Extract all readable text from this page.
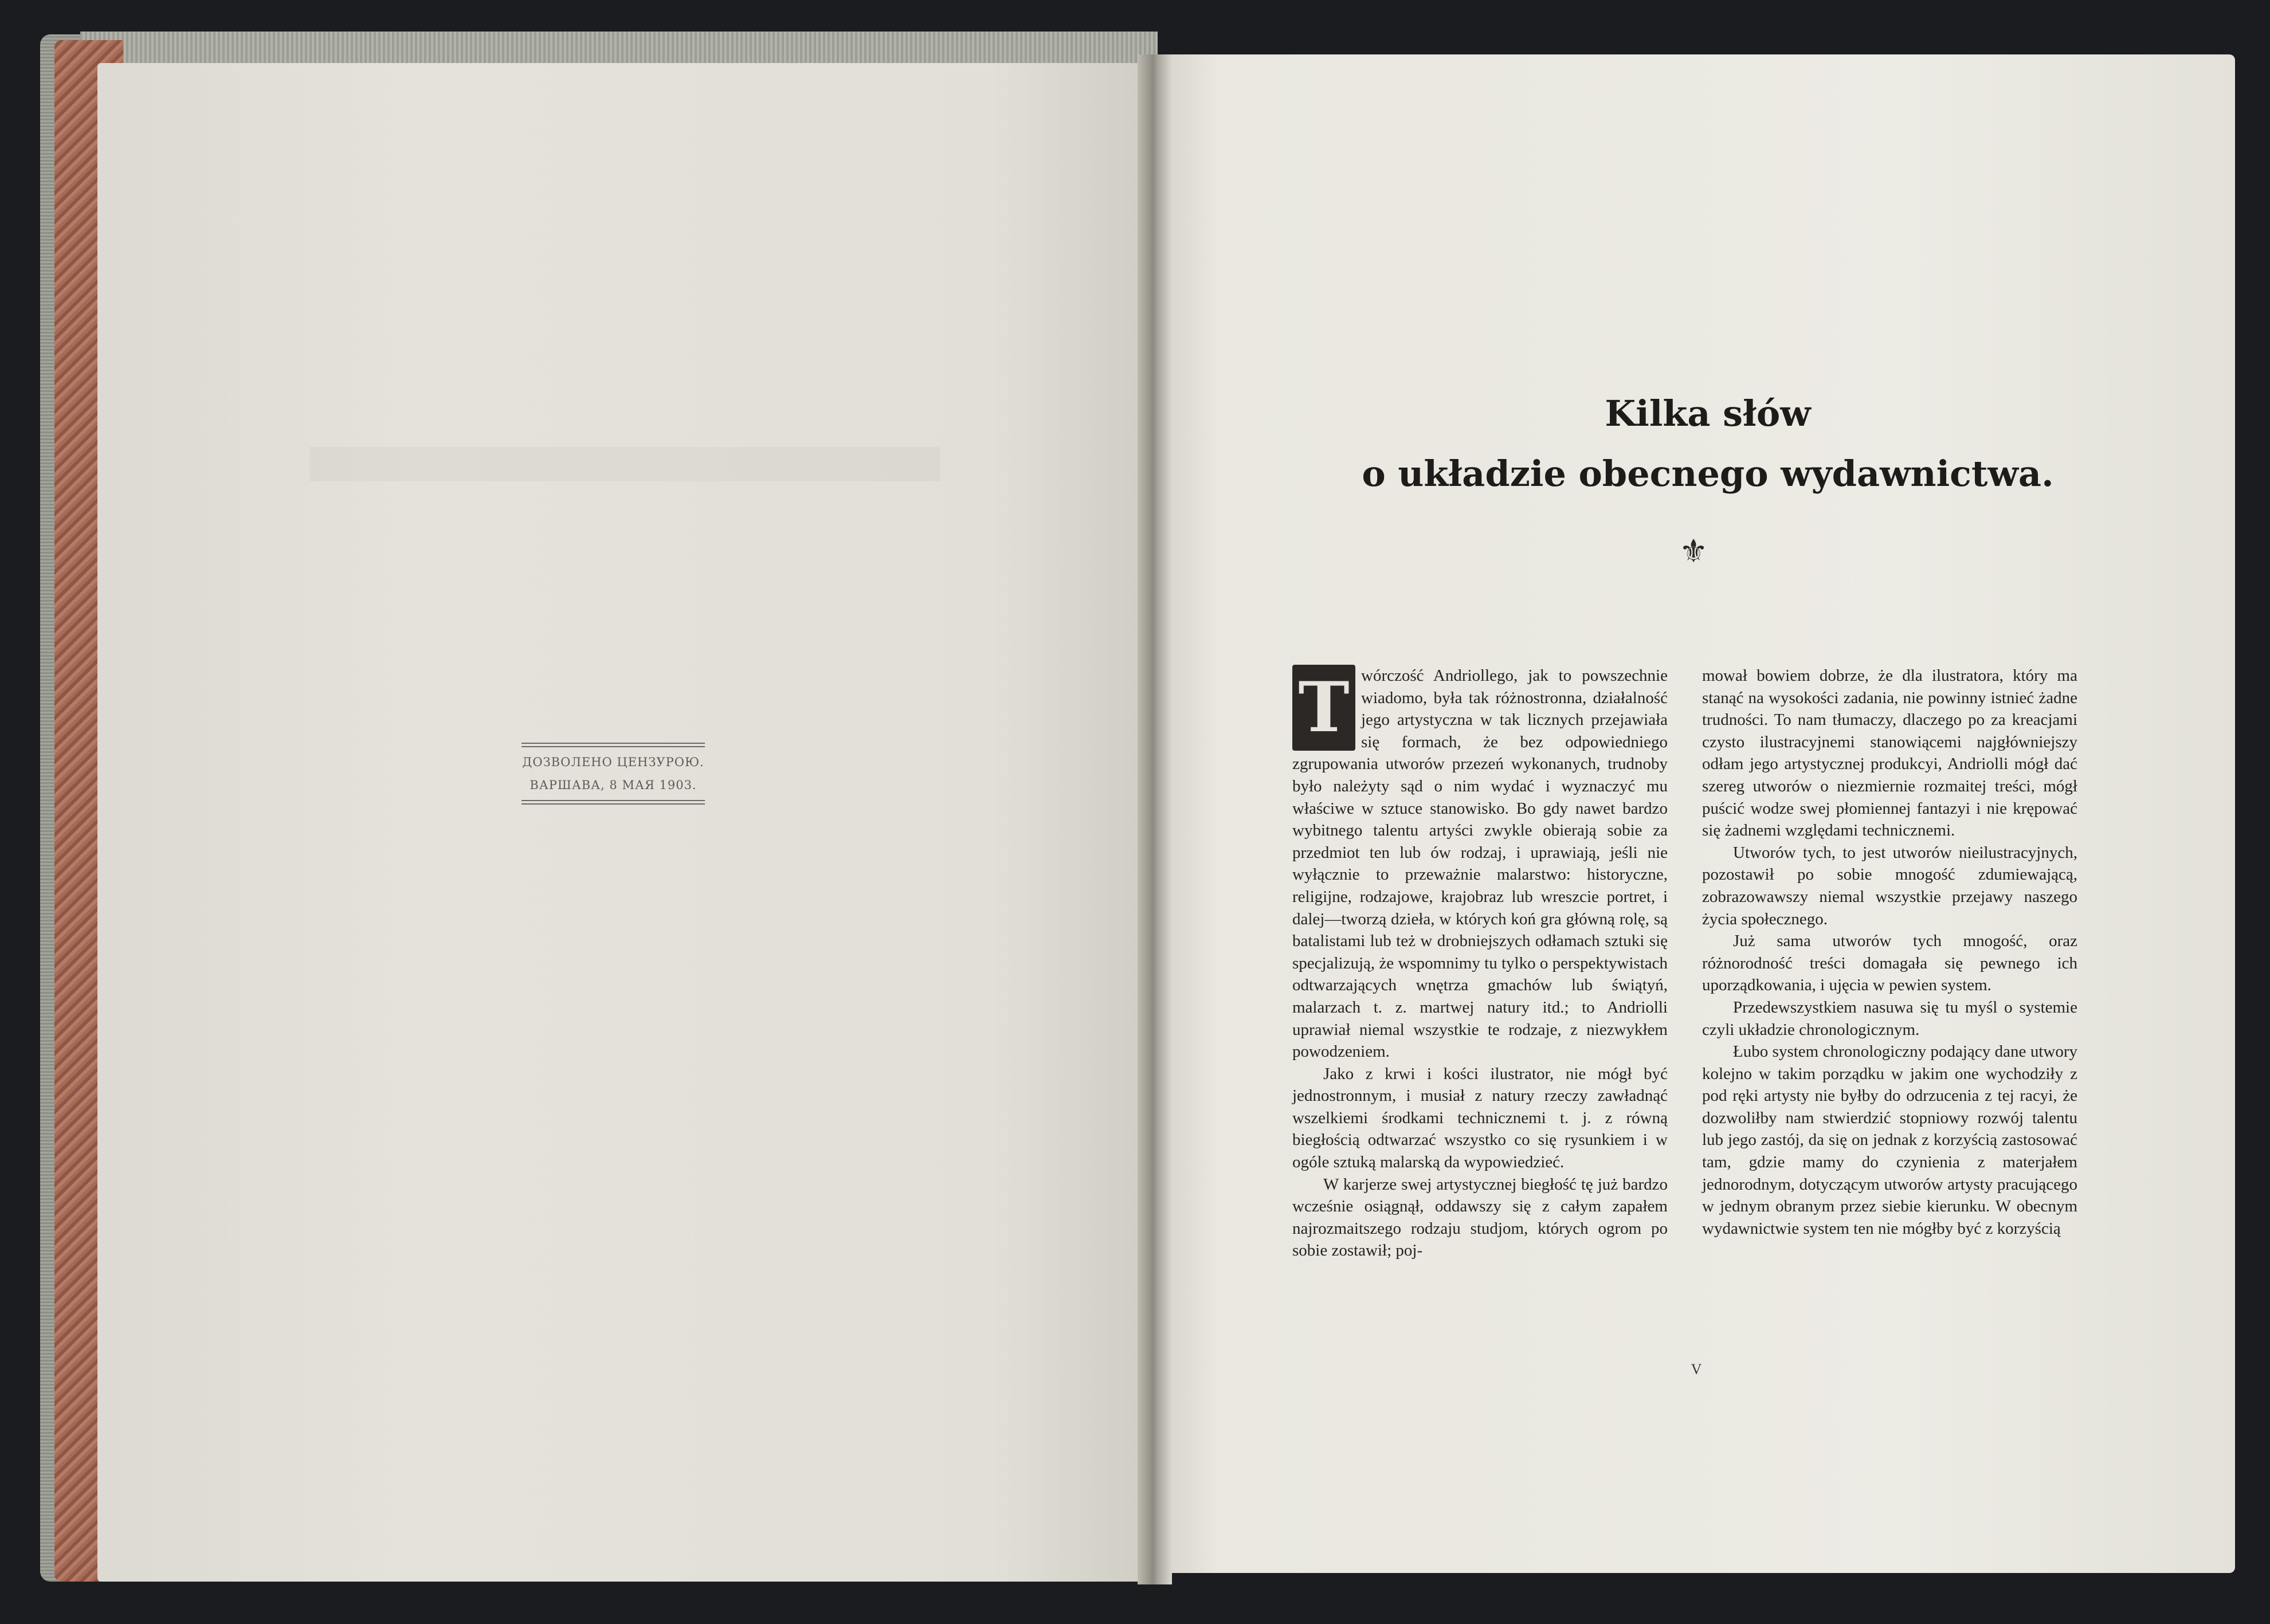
ДОЗВОЛЕНО ЦЕНЗУРОЮ.
ВАРШАВА, 8 МАЯ 1903.
Kilka słów
o układzie obecnego wydawnictwa.
⚜

T wórczość Andriollego, jak to powszechnie wiadomo, była tak różnostronna, działalność jego artystyczna w tak licznych przejawiała się formach, że bez odpowiedniego zgrupowania utworów przezeń wykonanych, trudnoby było należyty sąd o nim wydać i wyznaczyć mu właściwe w sztuce stanowisko. Bo gdy nawet bardzo wybitnego talentu artyści zwykle obierają sobie za przedmiot ten lub ów rodzaj, i uprawiają, jeśli nie wyłącznie to przeważnie malarstwo: historyczne, religijne, rodzajowe, krajobraz lub wreszcie portret, i dalej—tworzą dzieła, w których koń gra główną rolę, są batalistami lub też w drobniejszych odłamach sztuki się specjalizują, że wspomnimy tu tylko o perspektywistach odtwarzających wnętrza gmachów lub świątyń, malarzach t. z. martwej natury itd.; to Andriolli uprawiał niemal wszystkie te rodzaje, z niezwykłem powodzeniem.

Jako z krwi i kości ilustrator, nie mógł być jednostronnym, i musiał z natury rzeczy zawładnąć wszelkiemi środkami technicznemi t. j. z równą biegłością odtwarzać wszystko co się rysunkiem i w ogóle sztuką malarską da wypowiedzieć.

W karjerze swej artystycznej biegłość tę już bardzo wcześnie osiągnął, oddawszy się z całym zapałem najrozmaitszego rodzaju studjom, których ogrom po sobie zostawił; poj-

mował bowiem dobrze, że dla ilustratora, który ma stanąć na wysokości zadania, nie powinny istnieć żadne trudności. To nam tłumaczy, dlaczego po za kreacjami czysto ilustracyjnemi stanowiącemi najgłówniejszy odłam jego artystycznej produkcyi, Andriolli mógł dać szereg utworów o niezmiernie rozmaitej treści, mógł puścić wodze swej płomiennej fantazyi i nie krępować się żadnemi względami technicznemi.

Utworów tych, to jest utworów nieilustracyjnych, pozostawił po sobie mnogość zdumiewającą, zobrazowawszy niemal wszystkie przejawy naszego życia społecznego.

Już sama utworów tych mnogość, oraz różnorodność treści domagała się pewnego ich uporządkowania, i ujęcia w pewien system.

Przedewszystkiem nasuwa się tu myśl o systemie czyli układzie chronologicznym.

Łubo system chronologiczny podający dane utwory kolejno w takim porządku w jakim one wychodziły z pod ręki artysty nie byłby do odrzucenia z tej racyi, że dozwoliłby nam stwierdzić stopniowy rozwój talentu lub jego zastój, da się on jednak z korzyścią zastosować tam, gdzie mamy do czynienia z materjałem jednorodnym, dotyczącym utworów artysty pracującego w jednym obranym przez siebie kierunku. W obecnym wydawnictwie system ten nie mógłby być z korzyścią

V
